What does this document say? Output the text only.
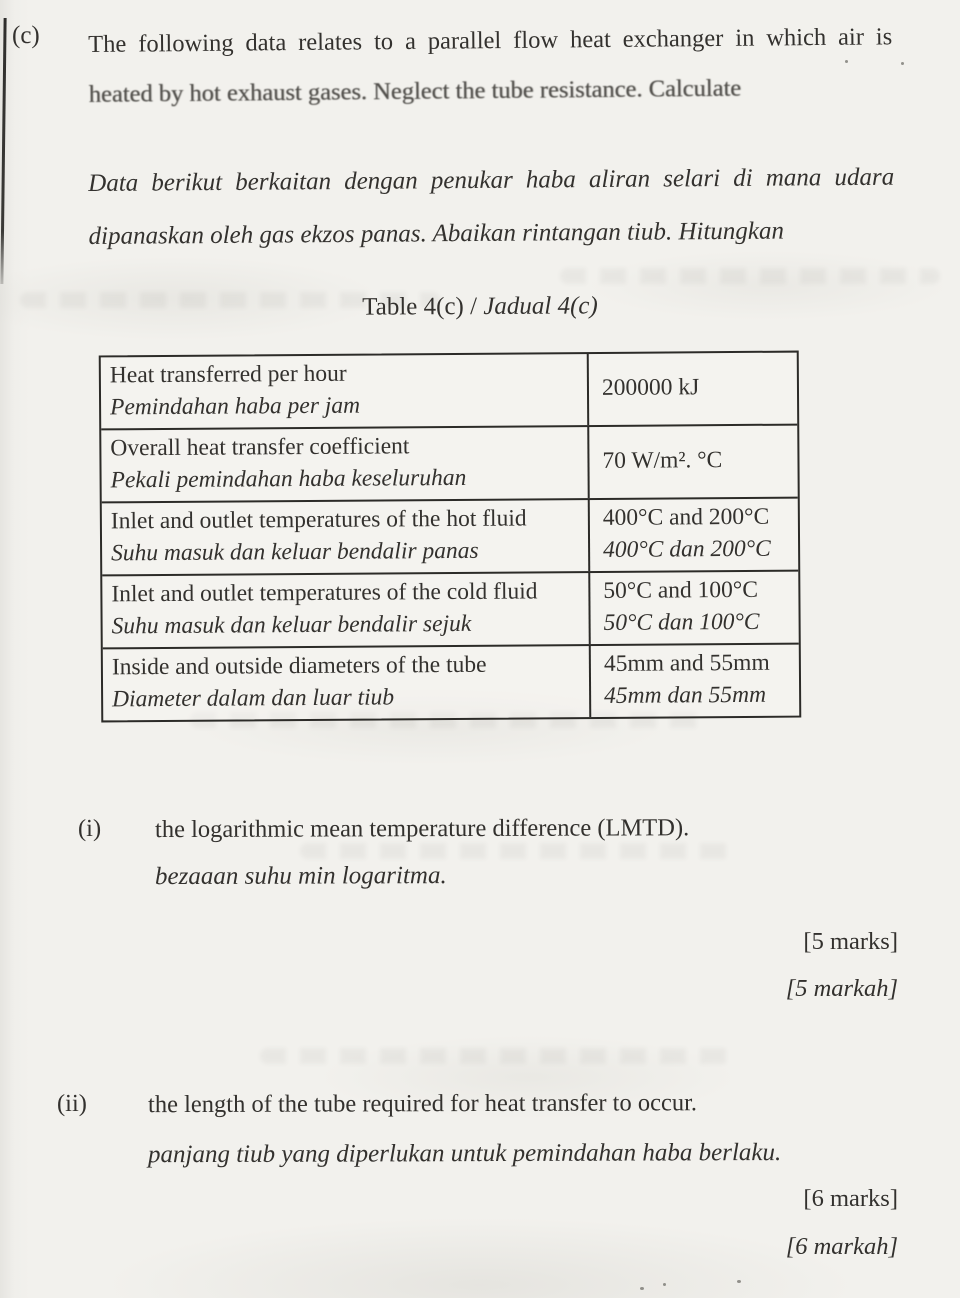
(c) The following data relates to a parallel flow heat exchanger in which air is
heated by hot exhaust gases. Neglect the tube resistance. Calculate
Data berikut berkaitan dengan penukar haba aliran selari di mana udara
dipanaskan oleh gas ekzos panas. Abaikan rintangan tiub. Hitungkan
Table 4(c) / Jadual 4(c)
Heat transferred per hour
Pemindahan haba per jam
200000 kJ
Overall heat transfer coefficient
Pekali pemindahan haba keseluruhan
70 W/m². °C
Inlet and outlet temperatures of the hot fluid
Suhu masuk dan keluar bendalir panas
400°C and 200°C
400°C dan 200°C
Inlet and outlet temperatures of the cold fluid
Suhu masuk dan keluar bendalir sejuk
50°C and 100°C
50°C dan 100°C
Inside and outside diameters of the tube
Diameter dalam dan luar tiub
45mm and 55mm
45mm dan 55mm
(i) the logarithmic mean temperature difference (LMTD).
bezaaan suhu min logaritma.
[5 marks]
[5 markah]
(ii) the length of the tube required for heat transfer to occur.
panjang tiub yang diperlukan untuk pemindahan haba berlaku.
[6 marks]
[6 markah]
